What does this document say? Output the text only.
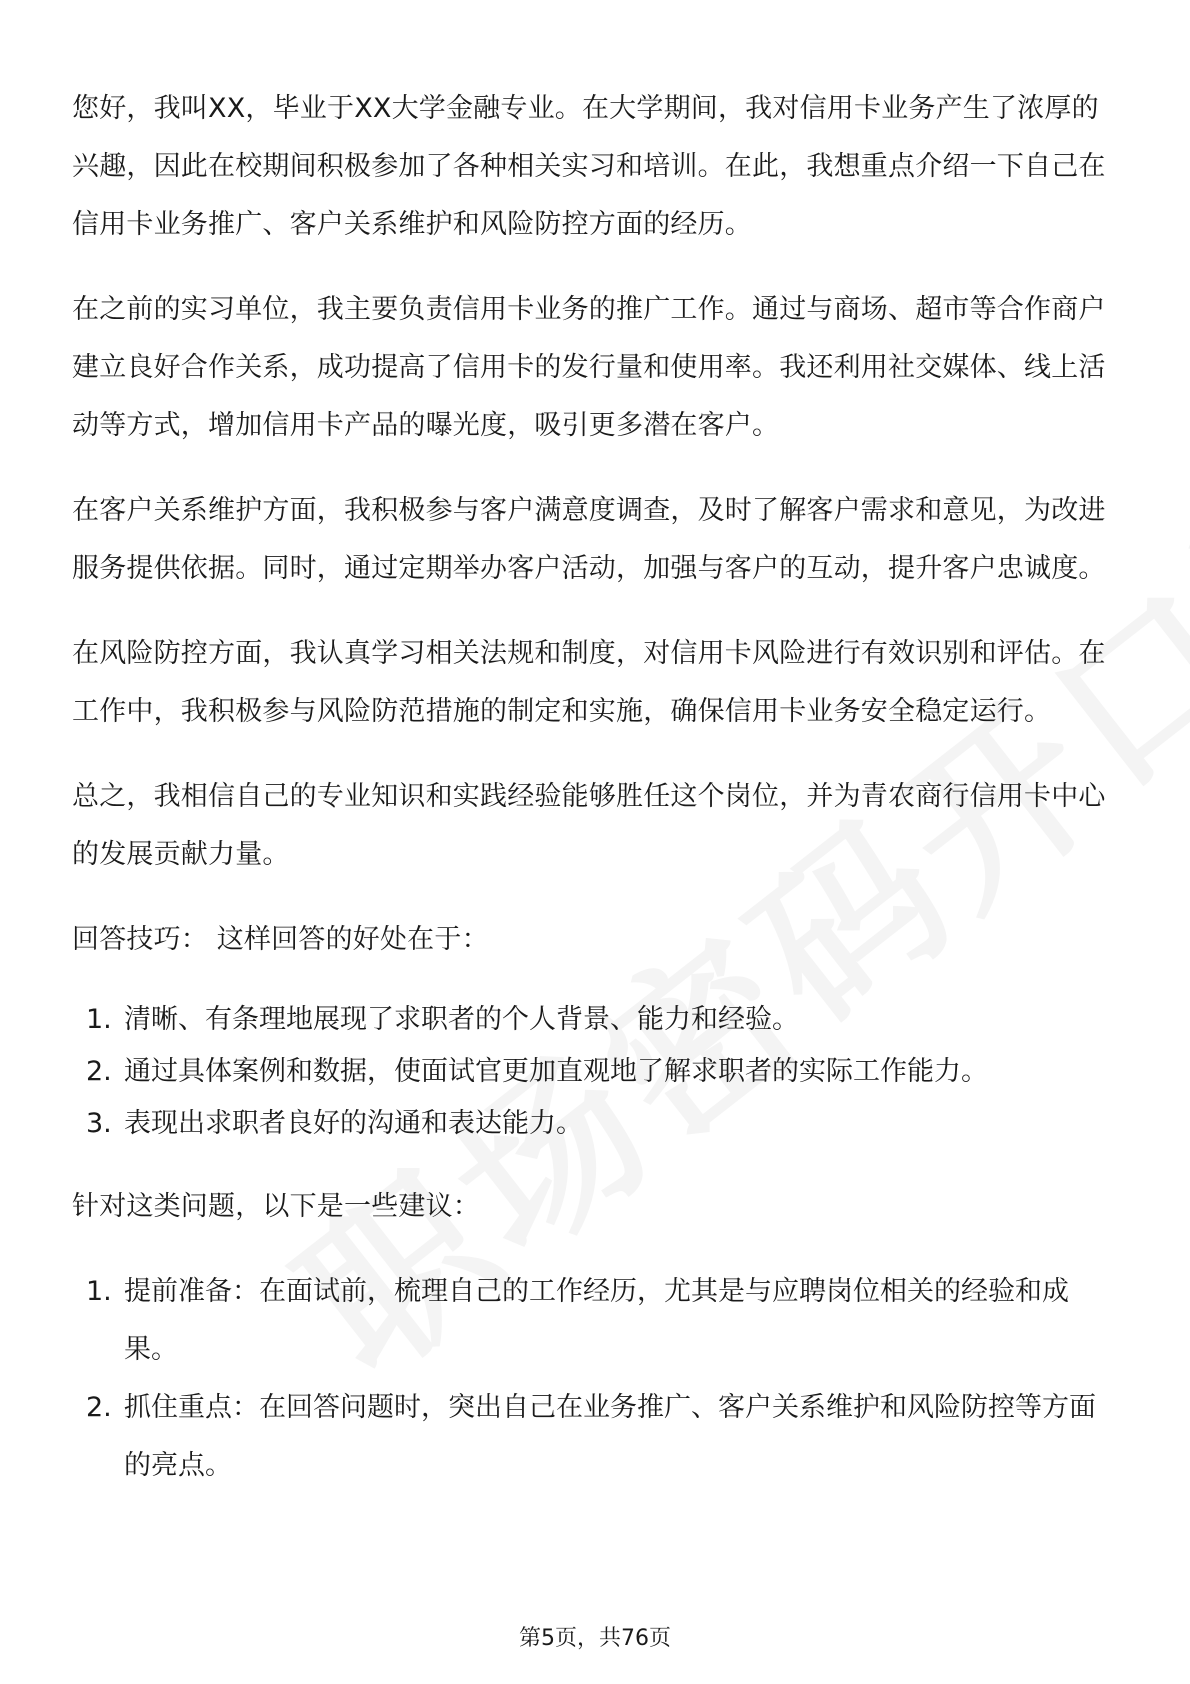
您好，我叫XX，毕业于XX大学金融专业。在大学期间，我对信用卡业务产生了浓厚的兴趣，因此在校期间积极参加了各种相关实习和培训。在此，我想重点介绍一下自己在信用卡业务推广、客户关系维护和风险防控方面的经历。

在之前的实习单位，我主要负责信用卡业务的推广工作。通过与商场、超市等合作商户建立良好合作关系，成功提高了信用卡的发行量和使用率。我还利用社交媒体、线上活动等方式，增加信用卡产品的曝光度，吸引更多潜在客户。

在客户关系维护方面，我积极参与客户满意度调查，及时了解客户需求和意见，为改进服务提供依据。同时，通过定期举办客户活动，加强与客户的互动，提升客户忠诚度。

在风险防控方面，我认真学习相关法规和制度，对信用卡风险进行有效识别和评估。在工作中，我积极参与风险防范措施的制定和实施，确保信用卡业务安全稳定运行。

总之，我相信自己的专业知识和实践经验能够胜任这个岗位，并为青农商行信用卡中心的发展贡献力量。

回答技巧： 这样回答的好处在于：

1. 清晰、有条理地展现了求职者的个人背景、能力和经验。
2. 通过具体案例和数据，使面试官更加直观地了解求职者的实际工作能力。
3. 表现出求职者良好的沟通和表达能力。

针对这类问题，以下是一些建议：

1. 提前准备：在面试前，梳理自己的工作经历，尤其是与应聘岗位相关的经验和成果。
2. 抓住重点：在回答问题时，突出自己在业务推广、客户关系维护和风险防控等方面的亮点。
第5页，共76页
